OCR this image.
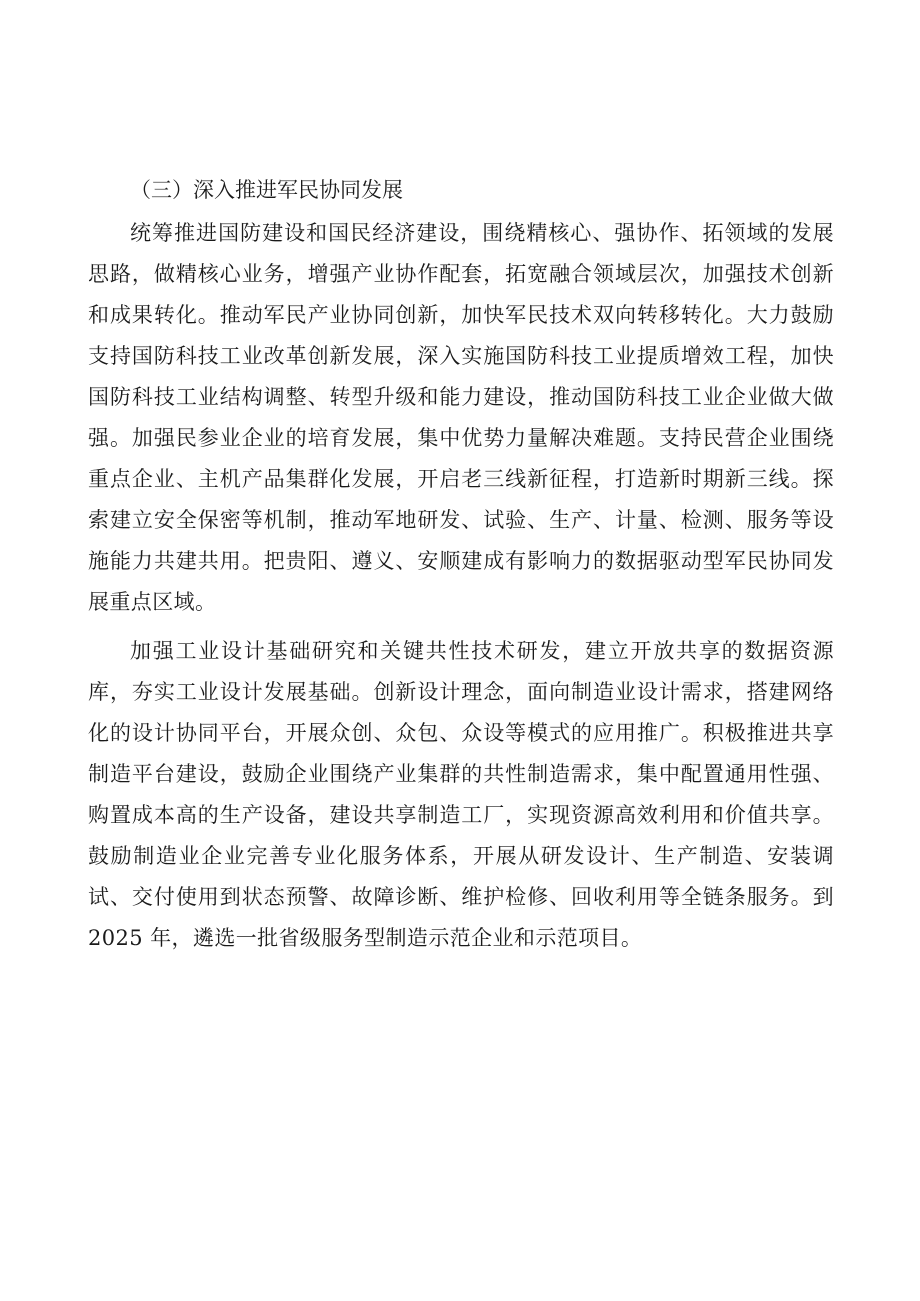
（三）深入推进军民协同发展

统筹推进国防建设和国民经济建设，围绕精核心、强协作、拓领域的发展思路，做精核心业务，增强产业协作配套，拓宽融合领域层次，加强技术创新和成果转化。推动军民产业协同创新，加快军民技术双向转移转化。大力鼓励支持国防科技工业改革创新发展，深入实施国防科技工业提质增效工程，加快国防科技工业结构调整、转型升级和能力建设，推动国防科技工业企业做大做强。加强民参业企业的培育发展，集中优势力量解决难题。支持民营企业围绕重点企业、主机产品集群化发展，开启老三线新征程，打造新时期新三线。探索建立安全保密等机制，推动军地研发、试验、生产、计量、检测、服务等设施能力共建共用。把贵阳、遵义、安顺建成有影响力的数据驱动型军民协同发展重点区域。

加强工业设计基础研究和关键共性技术研发，建立开放共享的数据资源库，夯实工业设计发展基础。创新设计理念，面向制造业设计需求，搭建网络化的设计协同平台，开展众创、众包、众设等模式的应用推广。积极推进共享制造平台建设，鼓励企业围绕产业集群的共性制造需求，集中配置通用性强、购置成本高的生产设备，建设共享制造工厂，实现资源高效利用和价值共享。鼓励制造业企业完善专业化服务体系，开展从研发设计、生产制造、安装调试、交付使用到状态预警、故障诊断、维护检修、回收利用等全链条服务。到 2025 年，遴选一批省级服务型制造示范企业和示范项目。
